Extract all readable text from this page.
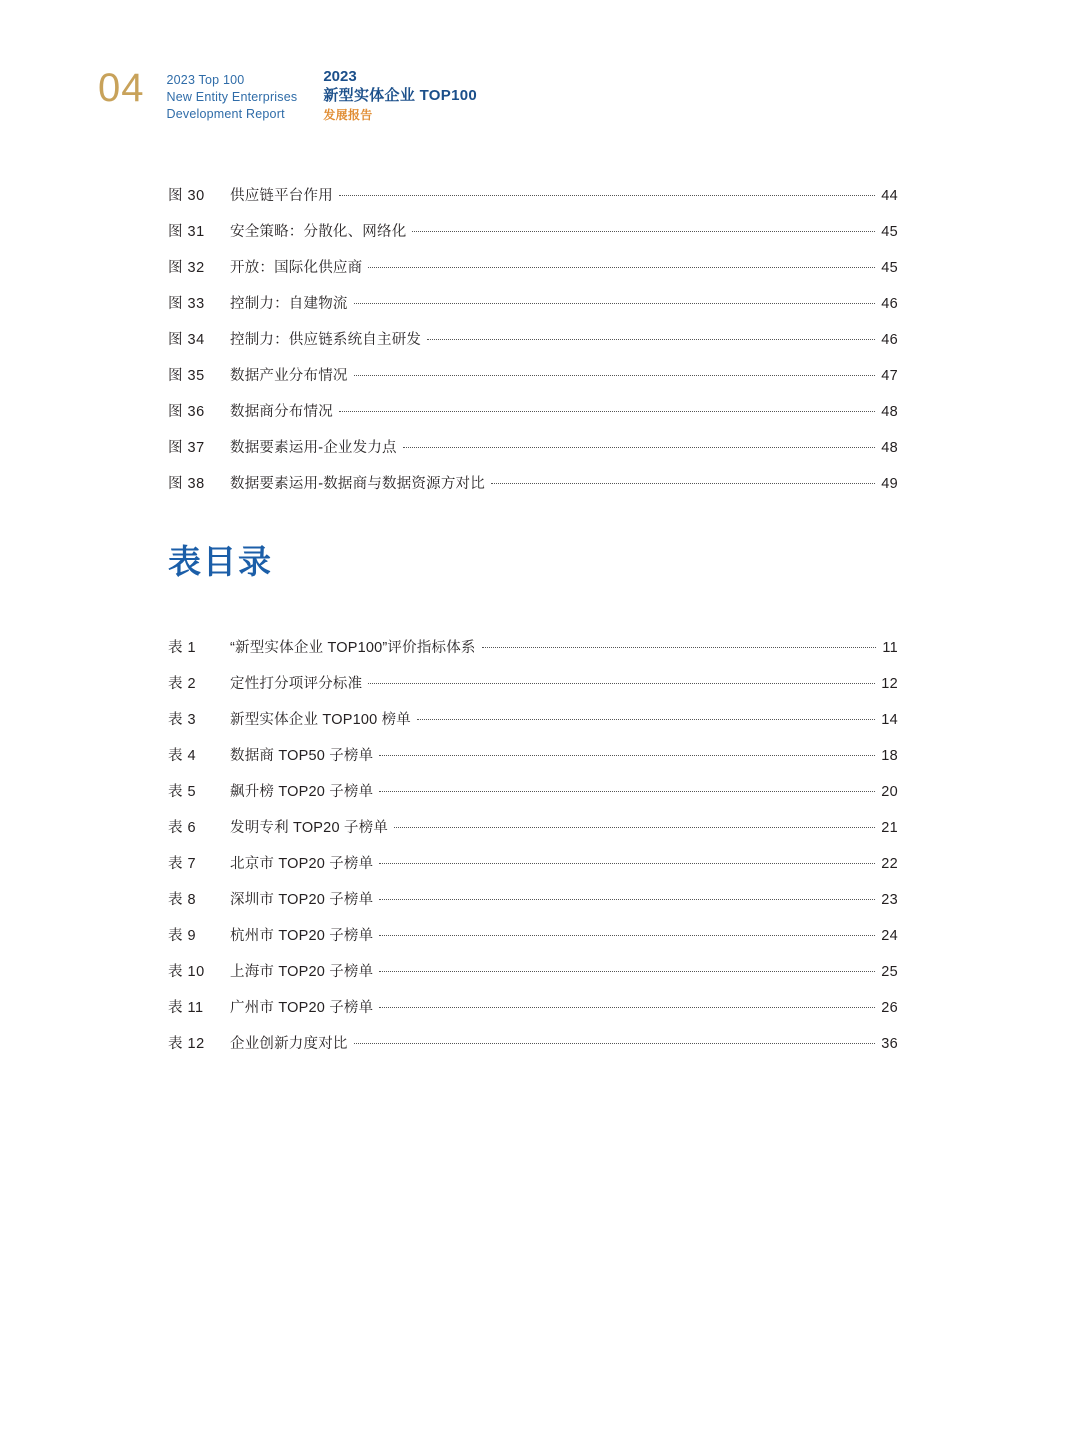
04 2023 Top 100
New Entity Enterprises
Development Report
2023
新型实体企业 TOP100
发展报告
图 30	供应链平台作用	44
图 31	安全策略：分散化、网络化	45
图 32	开放：国际化供应商	45
图 33	控制力：自建物流	46
图 34	控制力：供应链系统自主研发	46
图 35	数据产业分布情况	47
图 36	数据商分布情况	48
图 37	数据要素运用-企业发力点	48
图 38	数据要素运用-数据商与数据资源方对比	49
表目录
表 1	“新型实体企业 TOP100”评价指标体系	11
表 2	定性打分项评分标准	12
表 3	新型实体企业 TOP100 榜单	14
表 4	数据商 TOP50 子榜单	18
表 5	飙升榜 TOP20 子榜单	20
表 6	发明专利 TOP20 子榜单	21
表 7	北京市 TOP20 子榜单	22
表 8	深圳市 TOP20 子榜单	23
表 9	杭州市 TOP20 子榜单	24
表 10	上海市 TOP20 子榜单	25
表 11	广州市 TOP20 子榜单	26
表 12	企业创新力度对比	36
